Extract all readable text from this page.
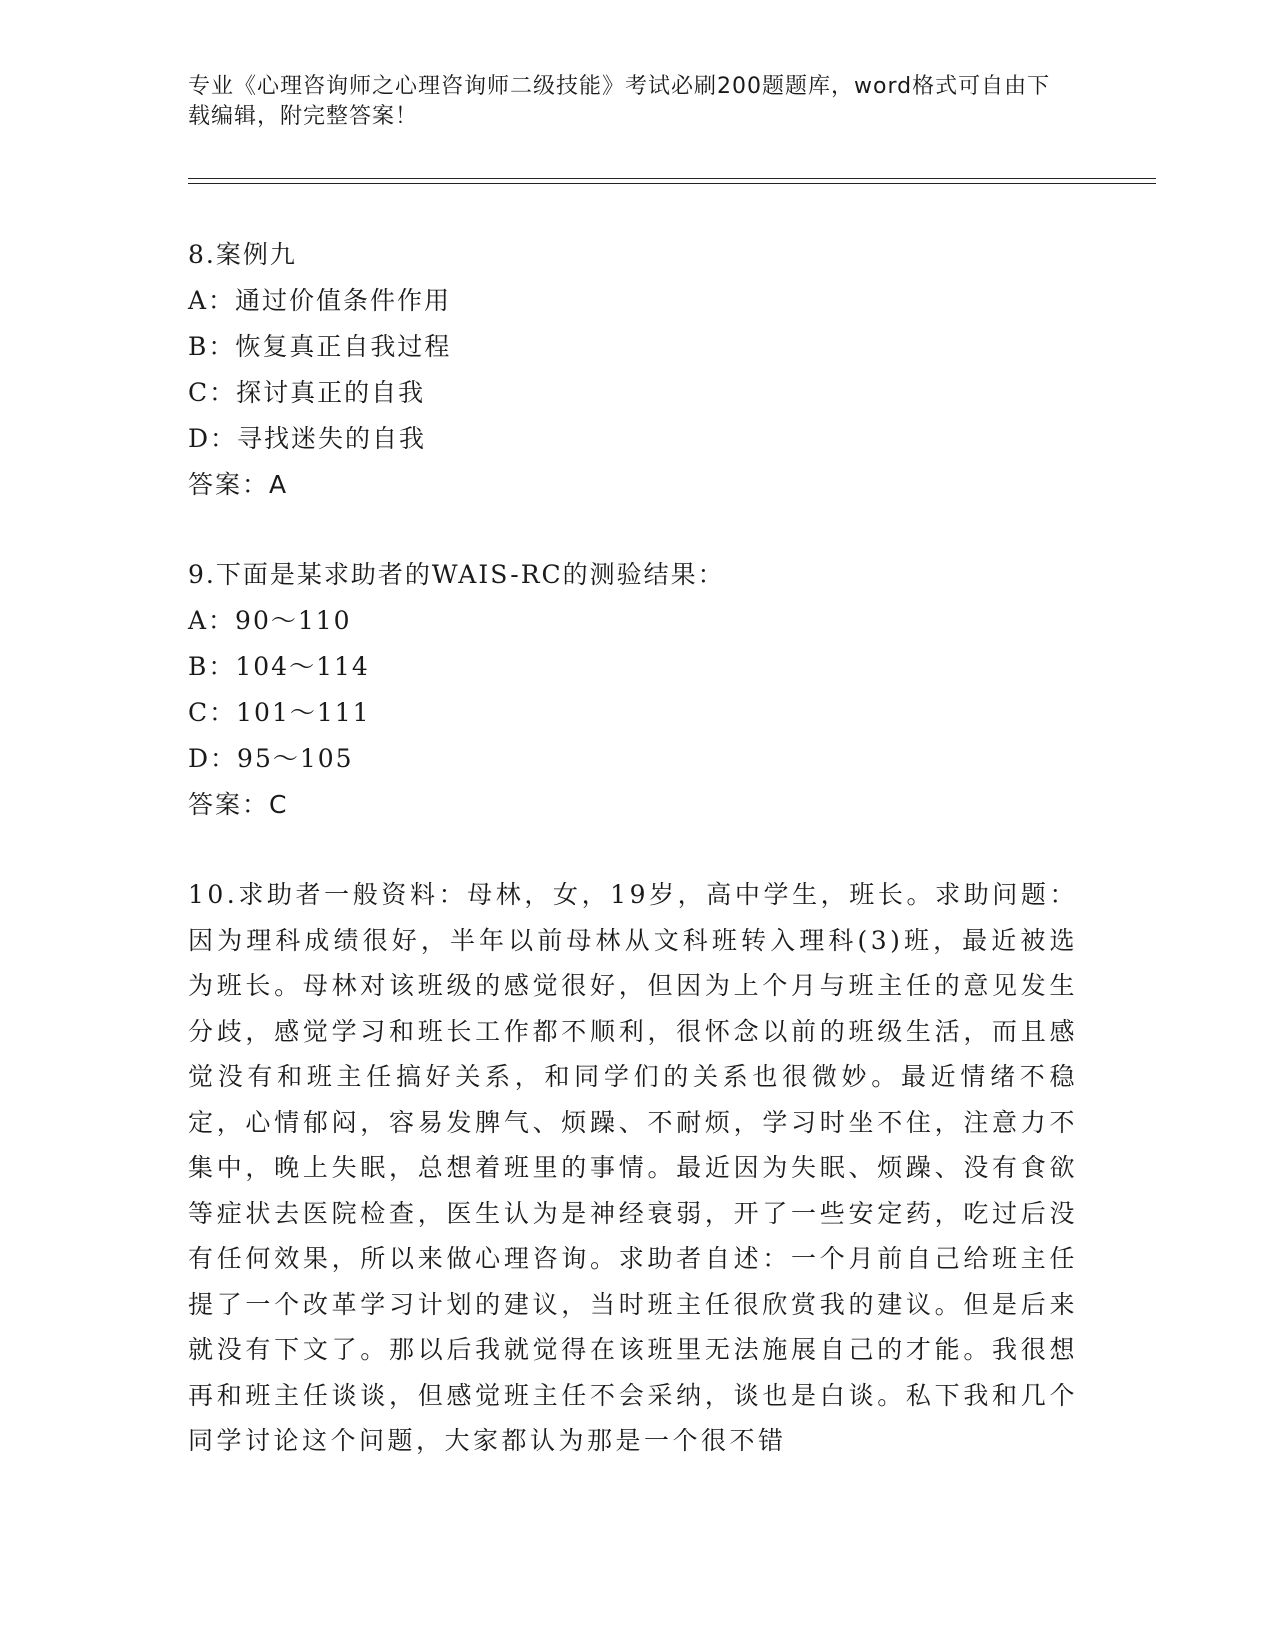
专业《心理咨询师之心理咨询师二级技能》考试必刷200题题库，word格式可自由下载编辑，附完整答案！
8.案例九
A：通过价值条件作用
B：恢复真正自我过程
C：探讨真正的自我
D：寻找迷失的自我
答案：A
9.下面是某求助者的WAIS-RC的测验结果：
A：90～110
B：104～114
C：101～111
D：95～105
答案：C
10.求助者一般资料：母林，女，19岁，高中学生，班长。求助问题：因为理科成绩很好，半年以前母林从文科班转入理科(3)班，最近被选为班长。母林对该班级的感觉很好，但因为上个月与班主任的意见发生分歧，感觉学习和班长工作都不顺利，很怀念以前的班级生活，而且感觉没有和班主任搞好关系，和同学们的关系也很微妙。最近情绪不稳定，心情郁闷，容易发脾气、烦躁、不耐烦，学习时坐不住，注意力不集中，晚上失眠，总想着班里的事情。最近因为失眠、烦躁、没有食欲等症状去医院检查，医生认为是神经衰弱，开了一些安定药，吃过后没有任何效果，所以来做心理咨询。求助者自述：一个月前自己给班主任提了一个改革学习计划的建议，当时班主任很欣赏我的建议。但是后来就没有下文了。那以后我就觉得在该班里无法施展自己的才能。我很想再和班主任谈谈，但感觉班主任不会采纳，谈也是白谈。私下我和几个同学讨论这个问题，大家都认为那是一个很不错
